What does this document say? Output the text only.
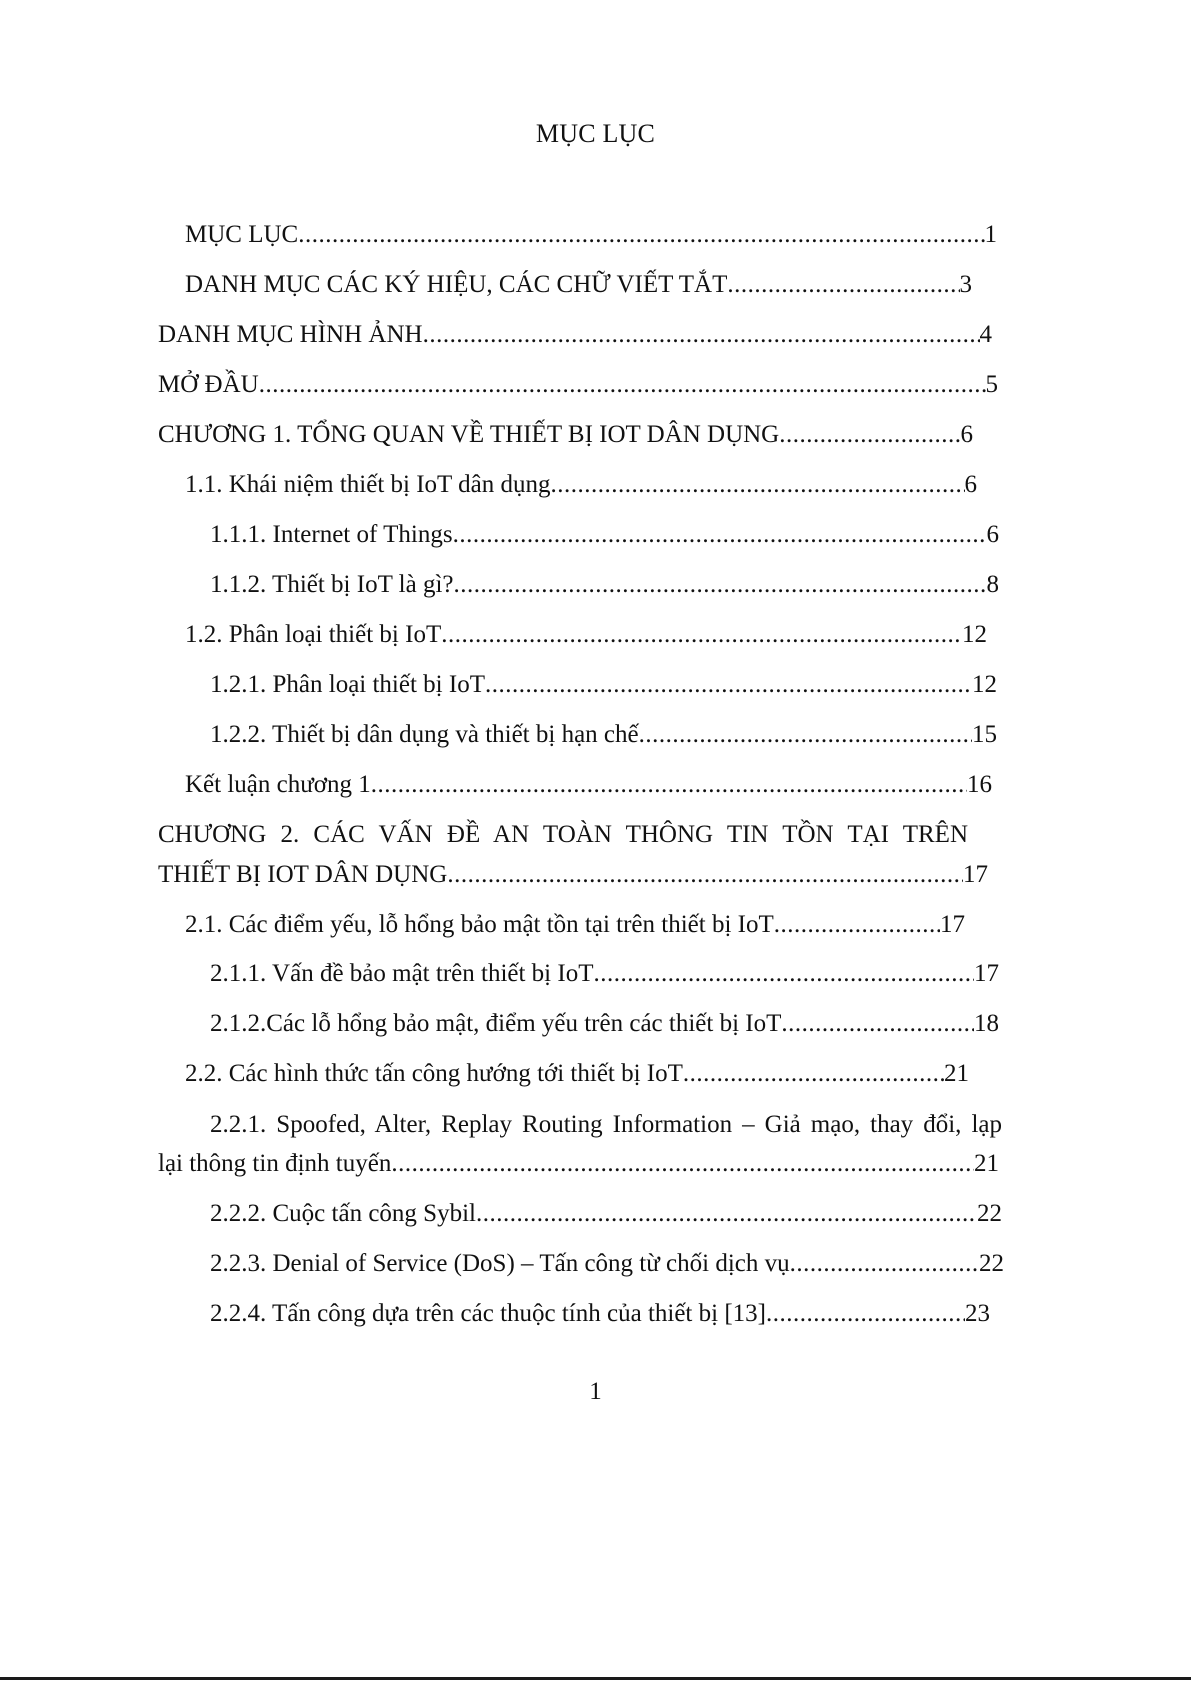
MỤC LỤC
MỤC LỤC .....	1
DANH MỤC CÁC KÝ HIỆU, CÁC CHỮ VIẾT TẮT .....	3
DANH MỤC HÌNH ẢNH .....	4
MỞ ĐẦU .....	5
CHƯƠNG 1. TỔNG QUAN VỀ THIẾT BỊ IOT DÂN DỤNG .....	6
1.1. Khái niệm thiết bị IoT dân dụng .....	6
1.1.1. Internet of Things .....	6
1.1.2. Thiết bị IoT là gì? .....	8
1.2. Phân loại thiết bị IoT .....	12
1.2.1. Phân loại thiết bị IoT .....	12
1.2.2. Thiết bị dân dụng và thiết bị hạn chế .....	15
Kết luận chương 1 .....	16
CHƯƠNG 2. CÁC VẤN ĐỀ AN TOÀN THÔNG TIN TỒN TẠI TRÊN
THIẾT BỊ IOT DÂN DỤNG .....	17
2.1. Các điểm yếu, lỗ hổng bảo mật tồn tại trên thiết bị IoT .....	17
2.1.1. Vấn đề bảo mật trên thiết bị IoT .....	17
2.1.2.Các lỗ hổng bảo mật, điểm yếu trên các thiết bị IoT .....	18
2.2. Các hình thức tấn công hướng tới thiết bị IoT .....	21
2.2.1. Spoofed, Alter, Replay Routing Information – Giả mạo, thay đổi, lạp
lại thông tin định tuyến .....	21
2.2.2. Cuộc tấn công Sybil .....	22
2.2.3. Denial of Service (DoS) – Tấn công từ chối dịch vụ .....	22
2.2.4. Tấn công dựa trên các thuộc tính của thiết bị [13] .....	23
1
